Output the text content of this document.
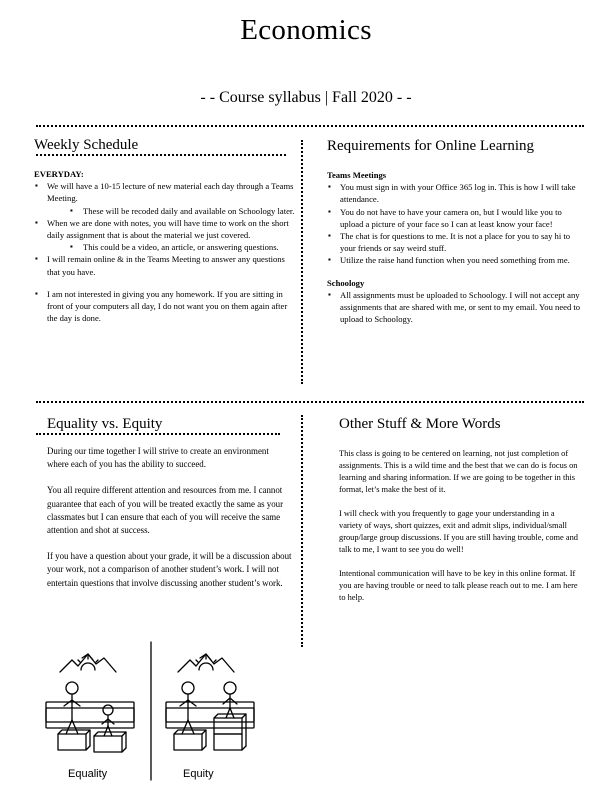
Economics
- - Course syllabus | Fall 2020 - -
Weekly Schedule
EVERYDAY:
▪ We will have a 10-15 lecture of new material each day through a Teams Meeting.
▪ These will be recoded daily and available on Schoology later.
▪ When we are done with notes, you will have time to work on the short daily assignment that is about the material we just covered.
▪ This could be a video, an article, or answering questions.
▪ I will remain online & in the Teams Meeting to answer any questions that you have.
▪ I am not interested in giving you any homework. If you are sitting in front of your computers all day, I do not want you on them again after the day is done.
Requirements for Online Learning
Teams Meetings
▪ You must sign in with your Office 365 log in. This is how I will take attendance.
▪ You do not have to have your camera on, but I would like you to upload a picture of your face so I can at least know your face!
▪ The chat is for questions to me. It is not a place for you to say hi to your friends or say weird stuff.
▪ Utilize the raise hand function when you need something from me.
Schoology
▪ All assignments must be uploaded to Schoology. I will not accept any assignments that are shared with me, or sent to my email. You need to upload to Schoology.
Equality vs. Equity

During our time together I will strive to create an environment where each of you has the ability to succeed.

You all require different attention and resources from me. I cannot guarantee that each of you will be treated exactly the same as your classmates but I can ensure that each of you will receive the same attention and shot at success.

If you have a question about your grade, it will be a discussion about your work, not a comparison of another student’s work. I will not entertain questions that involve discussing another student’s work.

Equality	Equity
Other Stuff & More Words

This class is going to be centered on learning, not just completion of assignments. This is a wild time and the best that we can do is focus on learning and sharing information. If we are going to be together in this format, let’s make the best of it.

I will check with you frequently to gage your understanding in a variety of ways, short quizzes, exit and admit slips, individual/small group/large group discussions. If you are still having trouble, come and talk to me, I want to see you do well!

Intentional communication will have to be key in this online format. If you are having trouble or need to talk please reach out to me. I am here to help.
